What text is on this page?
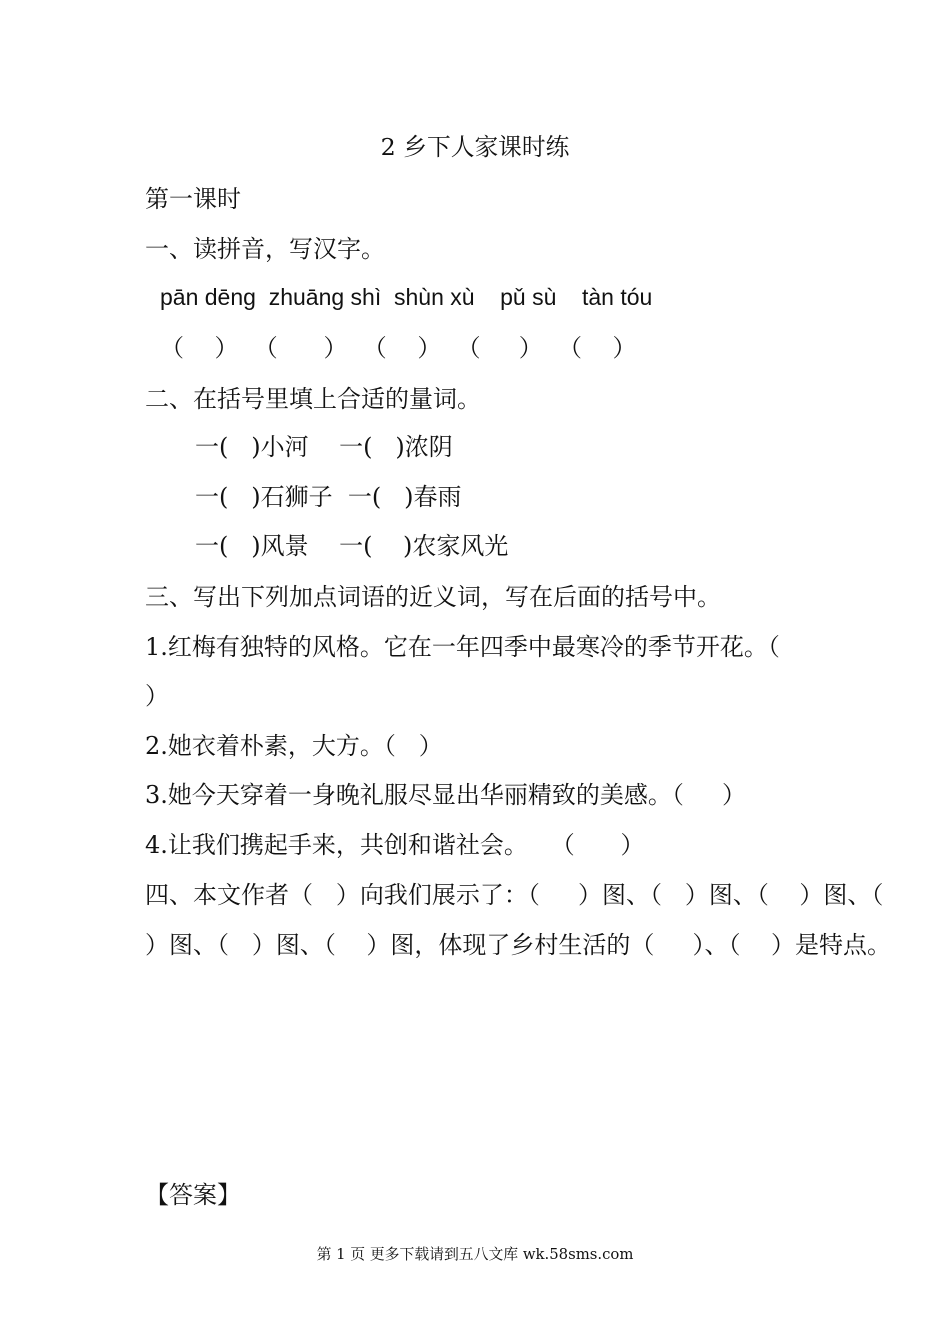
2 乡下人家课时练
第一课时
一、读拼音，写汉字。
pān dēng  zhuāng shì  shùn xù    pǔ sù    tàn tóu
（    ）  （      ）  （    ）  （     ）  （    ）
二、在括号里填上合适的量词。
一(   )小河    一(   )浓阴
一(   )石狮子  一(   )春雨
一(   )风景    一(    )农家风光
三、写出下列加点词语的近义词，写在后面的括号中。
1.红梅有独特的风格。它在一年四季中最寒冷的季节开花。（
）
2.她衣着朴素，大方。（   ）
3.她今天穿着一身晚礼服尽显出华丽精致的美感。（     ）
4.让我们携起手来，共创和谐社会。   （      ）
四、本文作者（   ）向我们展示了：（     ）图、（   ）图、（    ）图、（
）图、（   ）图、（    ）图，体现了乡村生活的（     ）、（    ）是特点。
【答案】
第 1 页 更多下载请到五八文库 wk.58sms.com
